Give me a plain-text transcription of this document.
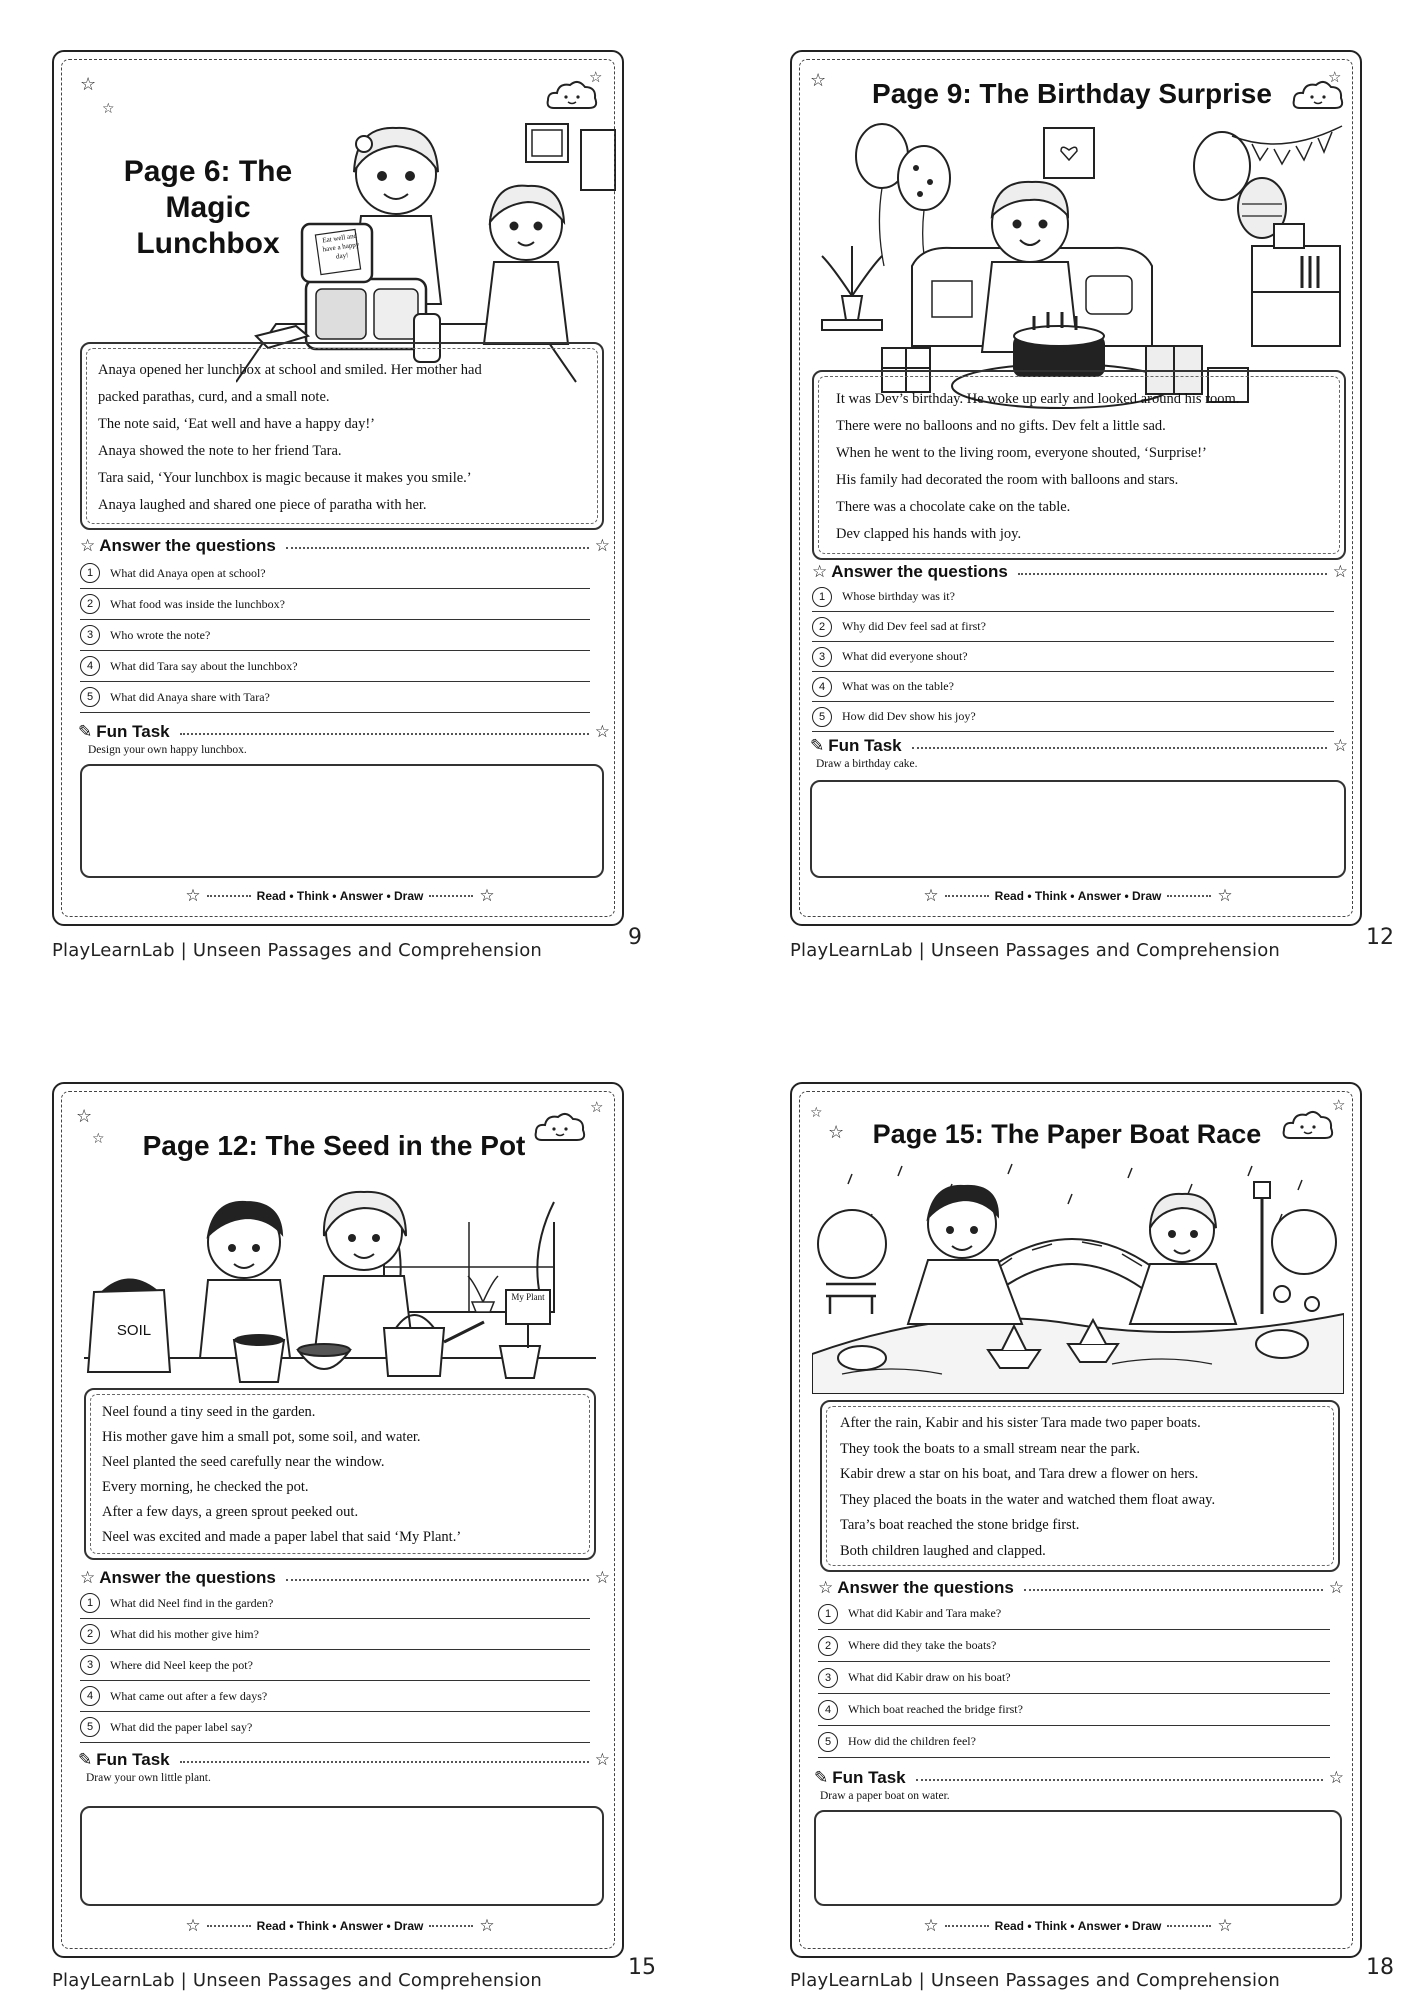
☆
☆
☆
Page 6: The Magic
Lunchbox	Eat well and have a happy day!

Anaya opened her lunchbox at school and smiled. Her mother had

packed parathas, curd, and a small note.

The note said, ‘Eat well and have a happy day!’

Anaya showed the note to her friend Tara.

Tara said, ‘Your lunchbox is magic because it makes you smile.’

Anaya laughed and shared one piece of paratha with her.

☆ Answer the questions	☆
1	What did Anaya open at school?
2	What food was inside the lunchbox?
3	Who wrote the note?
4	What did Tara say about the lunchbox?
5	What did Anaya share with Tara?
✎ Fun Task	☆
Design your own happy lunchbox.
☆	Read • Think • Answer • Draw	☆
PlayLearnLab | Unseen Passages and Comprehension
9
☆	☆
Page 9: The Birthday Surprise

It was Dev’s birthday. He woke up early and looked around his room.

There were no balloons and no gifts. Dev felt a little sad.

When he went to the living room, everyone shouted, ‘Surprise!’

His family had decorated the room with balloons and stars.

There was a chocolate cake on the table.

Dev clapped his hands with joy.

☆ Answer the questions	☆
1	Whose birthday was it?
2	Why did Dev feel sad at first?
3	What did everyone shout?
4	What was on the table?
5	How did Dev show his joy?
✎ Fun Task	☆
Draw a birthday cake.
☆	Read • Think • Answer • Draw	☆
PlayLearnLab | Unseen Passages and Comprehension
12
☆
☆
☆
Page 12: The Seed in the Pot
SOIL
My Plant

Neel found a tiny seed in the garden.

His mother gave him a small pot, some soil, and water.

Neel planted the seed carefully near the window.

Every morning, he checked the pot.

After a few days, a green sprout peeked out.

Neel was excited and made a paper label that said ‘My Plant.’

☆ Answer the questions	☆
1	What did Neel find in the garden?
2	What did his mother give him?
3	Where did Neel keep the pot?
4	What came out after a few days?
5	What did the paper label say?
✎ Fun Task	☆
Draw your own little plant.
☆	Read • Think • Answer • Draw	☆
PlayLearnLab | Unseen Passages and Comprehension
15
☆
☆
☆
Page 15: The Paper Boat Race

After the rain, Kabir and his sister Tara made two paper boats.

They took the boats to a small stream near the park.

Kabir drew a star on his boat, and Tara drew a flower on hers.

They placed the boats in the water and watched them float away.

Tara’s boat reached the stone bridge first.

Both children laughed and clapped.

☆ Answer the questions	☆
1	What did Kabir and Tara make?
2	Where did they take the boats?
3	What did Kabir draw on his boat?
4	Which boat reached the bridge first?
5	How did the children feel?
✎ Fun Task	☆
Draw a paper boat on water.
☆	Read • Think • Answer • Draw	☆
PlayLearnLab | Unseen Passages and Comprehension
18
